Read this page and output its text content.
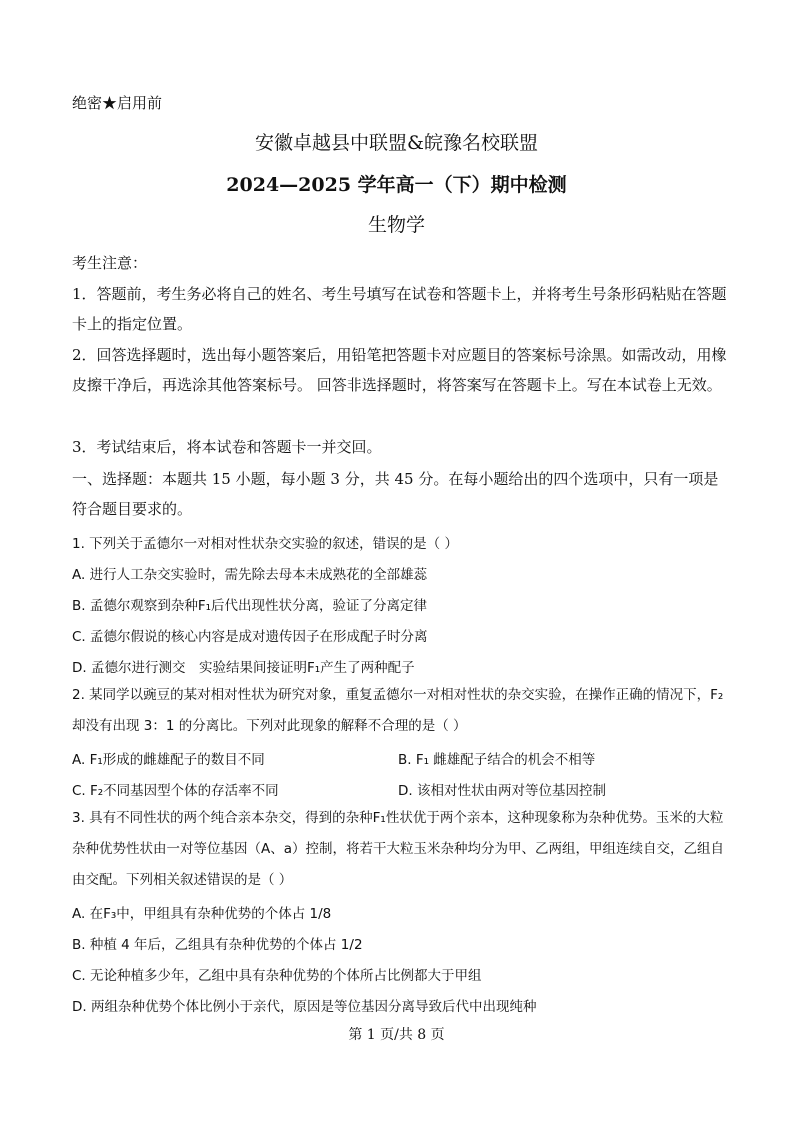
绝密★启用前
安徽卓越县中联盟&皖豫名校联盟
2024—2025 学年高一（下）期中检测
生物学
考生注意：
1．答题前，考生务必将自己的姓名、考生号填写在试卷和答题卡上，并将考生号条形码粘贴在答题卡上的指定位置。
2．回答选择题时，选出每小题答案后，用铅笔把答题卡对应题目的答案标号涂黑。如需改动，用橡皮擦干净后，再选涂其他答案标号。 回答非选择题时，将答案写在答题卡上。写在本试卷上无效。
3．考试结束后，将本试卷和答题卡一并交回。
一、选择题：本题共 15 小题，每小题 3 分，共 45 分。在每小题给出的四个选项中，只有一项是符合题目要求的。
1. 下列关于孟德尔一对相对性状杂交实验的叙述，错误的是（ ）
A. 进行人工杂交实验时，需先除去母本未成熟花的全部雄蕊
B. 孟德尔观察到杂种F₁后代出现性状分离，验证了分离定律
C. 孟德尔假说的核心内容是成对遗传因子在形成配子时分离
D. 孟德尔进行测交　实验结果间接证明F₁产生了两种配子
2. 某同学以豌豆的某对相对性状为研究对象，重复孟德尔一对相对性状的杂交实验，在操作正确的情况下，F₂却没有出现 3：1 的分离比。下列对此现象的解释不合理的是（ ）
A. F₁形成的雌雄配子的数目不同	B. F₁ 雌雄配子结合的机会不相等
C. F₂不同基因型个体的存活率不同	D. 该相对性状由两对等位基因控制
3. 具有不同性状的两个纯合亲本杂交，得到的杂种F₁性状优于两个亲本，这种现象称为杂种优势。玉米的大粒杂种优势性状由一对等位基因（A、a）控制，将若干大粒玉米杂种均分为甲、乙两组，甲组连续自交，乙组自由交配。下列相关叙述错误的是（ ）
A. 在F₃中，甲组具有杂种优势的个体占 1/8
B. 种植 4 年后，乙组具有杂种优势的个体占 1/2
C. 无论种植多少年，乙组中具有杂种优势的个体所占比例都大于甲组
D. 两组杂种优势个体比例小于亲代，原因是等位基因分离导致后代中出现纯种
第 1 页/共 8 页
